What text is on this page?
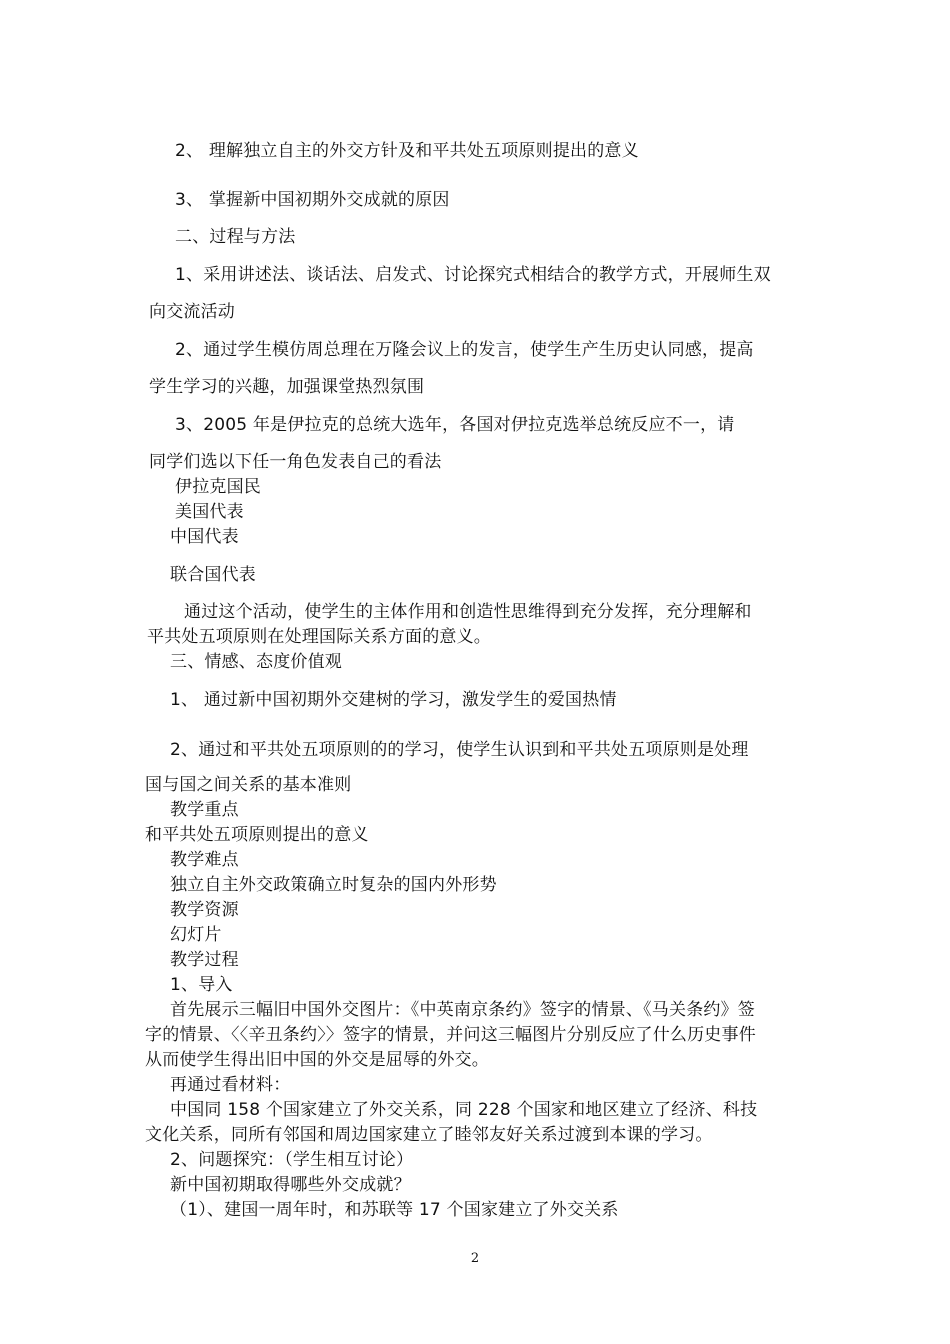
2、 理解独立自主的外交方针及和平共处五项原则提出的意义
3、 掌握新中国初期外交成就的原因
二、过程与方法
1、采用讲述法、谈话法、启发式、讨论探究式相结合的教学方式，开展师生双
向交流活动
2、通过学生模仿周总理在万隆会议上的发言，使学生产生历史认同感，提高
学生学习的兴趣，加强课堂热烈氛围
3、2005 年是伊拉克的总统大选年，各国对伊拉克选举总统反应不一，请
同学们选以下任一角色发表自己的看法
伊拉克国民
美国代表
中国代表
联合国代表
通过这个活动，使学生的主体作用和创造性思维得到充分发挥，充分理解和
平共处五项原则在处理国际关系方面的意义。
三、情感、态度价值观
1、 通过新中国初期外交建树的学习，激发学生的爱国热情
2、通过和平共处五项原则的的学习，使学生认识到和平共处五项原则是处理
国与国之间关系的基本准则
教学重点
和平共处五项原则提出的意义
教学难点
独立自主外交政策确立时复杂的国内外形势
教学资源
幻灯片
教学过程
1、导入
首先展示三幅旧中国外交图片：《中英南京条约》签字的情景、《马关条约》签
字的情景、〈〈辛丑条约〉〉签字的情景，并问这三幅图片分别反应了什么历史事件
从而使学生得出旧中国的外交是屈辱的外交。
再通过看材料：
中国同 158 个国家建立了外交关系，同 228 个国家和地区建立了经济、科技
文化关系，同所有邻国和周边国家建立了睦邻友好关系过渡到本课的学习。
2、问题探究：（学生相互讨论）
新中国初期取得哪些外交成就？
（1）、建国一周年时，和苏联等 17 个国家建立了外交关系
2
